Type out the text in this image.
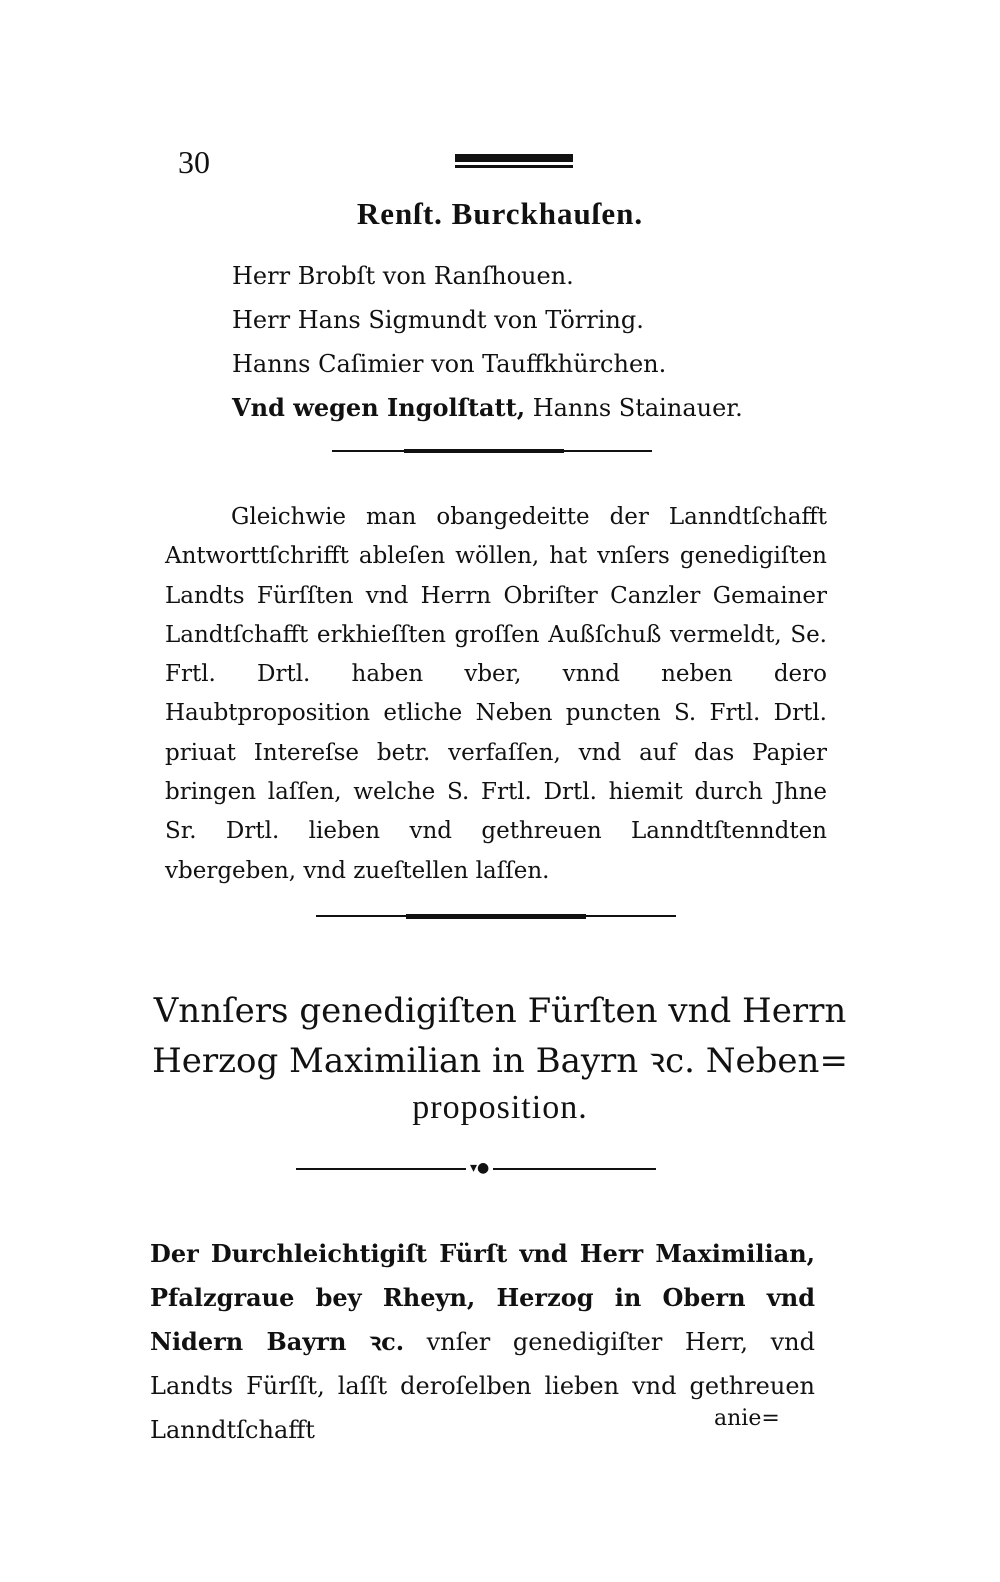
30
Renſt. Burckhauſen.
Herr Brobſt von Ranſhouen.
Herr Hans Sigmundt von Törring.
Hanns Caſimier von Tauffkhürchen.
Vnd wegen Ingolſtatt, Hanns Stainauer.

Gleichwie man obangedeitte der Lanndtſchafft Antworttſchrifft ableſen wöllen, hat vnſers genedigiſten Landts Fürſſten vnd Herrn Obriſter Canzler Gemainer Landtſchafft erkhieſſten groſſen Außſchuß vermeldt, Se. Frtl. Drtl. haben vber, vnnd neben dero Haubtproposition etliche Neben puncten S. Frtl. Drtl. priuat Intereſse betr. verfaſſen, vnd auf das Papier bringen laſſen, welche S. Frtl. Drtl. hiemit durch Jhne Sr. Drtl. lieben vnd gethreuen Lanndtſtenndten vbergeben, vnd zueſtellen laſſen.

Vnnſers genedigiſten Fürſten vnd Herrn
Herzog Maximilian in Bayrn ꝛc. Neben=
proposition.
▾●

Der Durchleichtigiſt Fürſt vnd Herr Maximilian, Pfalzgraue bey Rheyn, Herzog in Obern vnd Nidern Bayrn ꝛc. vnſer genedigiſter Herr, vnd Landts Fürſſt, laſſt deroſelben lieben vnd gethreuen Lanndtſchafft	anie=
